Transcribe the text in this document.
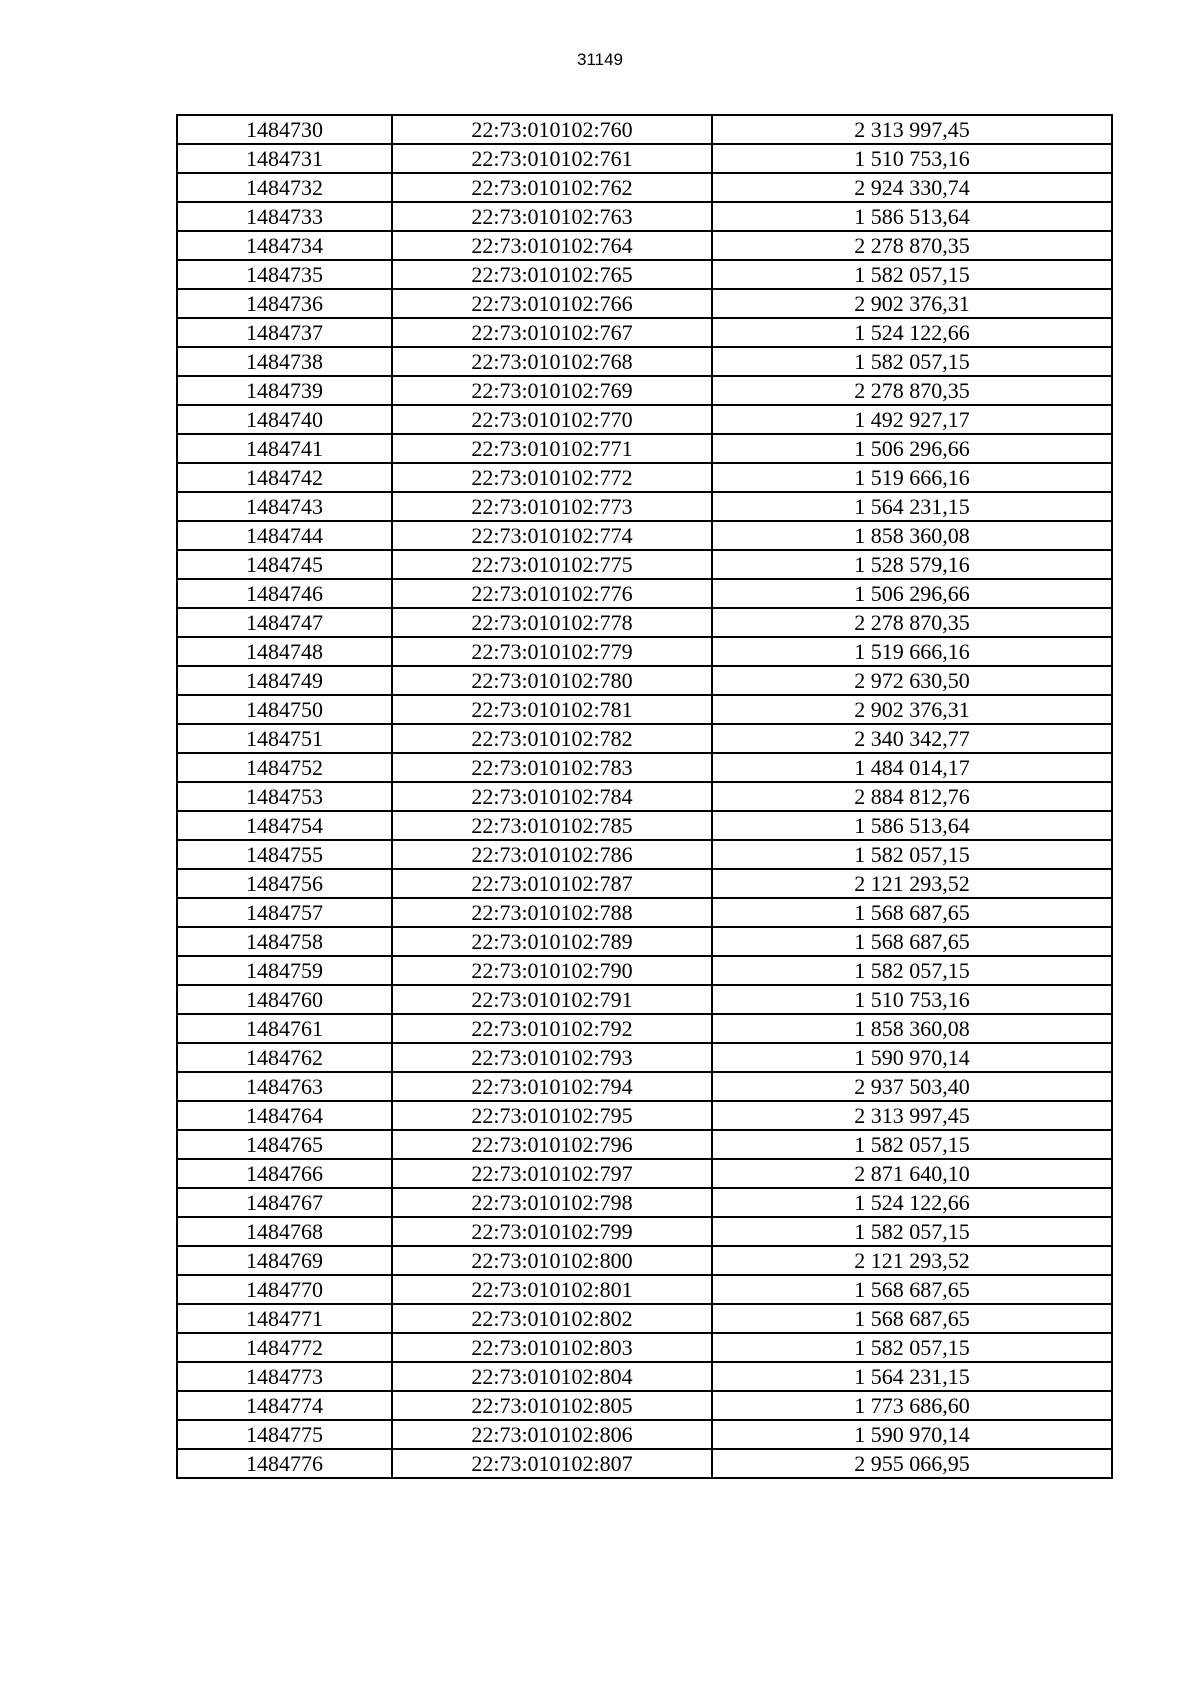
31149
1484730	22:73:010102:760	2 313 997,45
1484731	22:73:010102:761	1 510 753,16
1484732	22:73:010102:762	2 924 330,74
1484733	22:73:010102:763	1 586 513,64
1484734	22:73:010102:764	2 278 870,35
1484735	22:73:010102:765	1 582 057,15
1484736	22:73:010102:766	2 902 376,31
1484737	22:73:010102:767	1 524 122,66
1484738	22:73:010102:768	1 582 057,15
1484739	22:73:010102:769	2 278 870,35
1484740	22:73:010102:770	1 492 927,17
1484741	22:73:010102:771	1 506 296,66
1484742	22:73:010102:772	1 519 666,16
1484743	22:73:010102:773	1 564 231,15
1484744	22:73:010102:774	1 858 360,08
1484745	22:73:010102:775	1 528 579,16
1484746	22:73:010102:776	1 506 296,66
1484747	22:73:010102:778	2 278 870,35
1484748	22:73:010102:779	1 519 666,16
1484749	22:73:010102:780	2 972 630,50
1484750	22:73:010102:781	2 902 376,31
1484751	22:73:010102:782	2 340 342,77
1484752	22:73:010102:783	1 484 014,17
1484753	22:73:010102:784	2 884 812,76
1484754	22:73:010102:785	1 586 513,64
1484755	22:73:010102:786	1 582 057,15
1484756	22:73:010102:787	2 121 293,52
1484757	22:73:010102:788	1 568 687,65
1484758	22:73:010102:789	1 568 687,65
1484759	22:73:010102:790	1 582 057,15
1484760	22:73:010102:791	1 510 753,16
1484761	22:73:010102:792	1 858 360,08
1484762	22:73:010102:793	1 590 970,14
1484763	22:73:010102:794	2 937 503,40
1484764	22:73:010102:795	2 313 997,45
1484765	22:73:010102:796	1 582 057,15
1484766	22:73:010102:797	2 871 640,10
1484767	22:73:010102:798	1 524 122,66
1484768	22:73:010102:799	1 582 057,15
1484769	22:73:010102:800	2 121 293,52
1484770	22:73:010102:801	1 568 687,65
1484771	22:73:010102:802	1 568 687,65
1484772	22:73:010102:803	1 582 057,15
1484773	22:73:010102:804	1 564 231,15
1484774	22:73:010102:805	1 773 686,60
1484775	22:73:010102:806	1 590 970,14
1484776	22:73:010102:807	2 955 066,95
